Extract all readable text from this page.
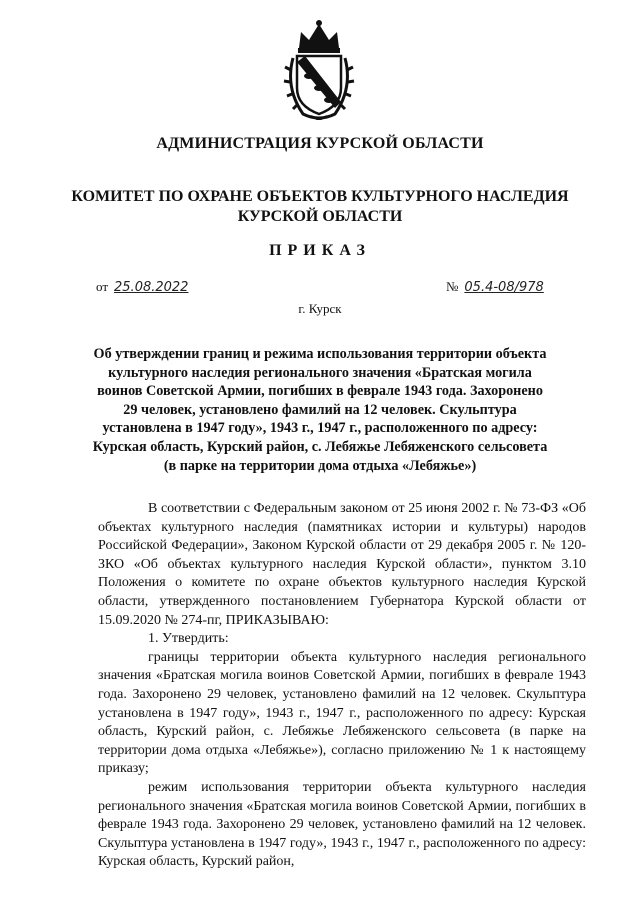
АДМИНИСТРАЦИЯ КУРСКОЙ ОБЛАСТИ
КОМИТЕТ ПО ОХРАНЕ ОБЪЕКТОВ КУЛЬТУРНОГО НАСЛЕДИЯ
КУРСКОЙ ОБЛАСТИ
ПРИКАЗ
от 25.08.2022	№ 05.4-08/978
г. Курск
Об утверждении границ и режима использования территории объекта культурного наследия регионального значения «Братская могила воинов Советской Армии, погибших в феврале 1943 года. Захоронено 29 человек, установлено фамилий на 12 человек. Скульптура установлена в 1947 году», 1943 г., 1947 г., расположенного по адресу: Курская область, Курский район, с. Лебяжье Лебяженского сельсовета (в парке на территории дома отдыха «Лебяжье»)

В соответствии с Федеральным законом от 25 июня 2002 г. № 73-ФЗ «Об объектах культурного наследия (памятниках истории и культуры) народов Российской Федерации», Законом Курской области от 29 декабря 2005 г. № 120-ЗКО «Об объектах культурного наследия Курской области», пунктом 3.10 Положения о комитете по охране объектов культурного наследия Курской области, утвержденного постановлением Губернатора Курской области от 15.09.2020 № 274-пг, ПРИКАЗЫВАЮ:

1. Утвердить:

границы территории объекта культурного наследия регионального значения «Братская могила воинов Советской Армии, погибших в феврале 1943 года. Захоронено 29 человек, установлено фамилий на 12 человек. Скульптура установлена в 1947 году», 1943 г., 1947 г., расположенного по адресу: Курская область, Курский район, с. Лебяжье Лебяженского сельсовета (в парке на территории дома отдыха «Лебяжье»), согласно приложению № 1 к настоящему приказу;

режим использования территории объекта культурного наследия регионального значения «Братская могила воинов Советской Армии, погибших в феврале 1943 года. Захоронено 29 человек, установлено фамилий на 12 человек. Скульптура установлена в 1947 году», 1943 г., 1947 г., расположенного по адресу: Курская область, Курский район,
